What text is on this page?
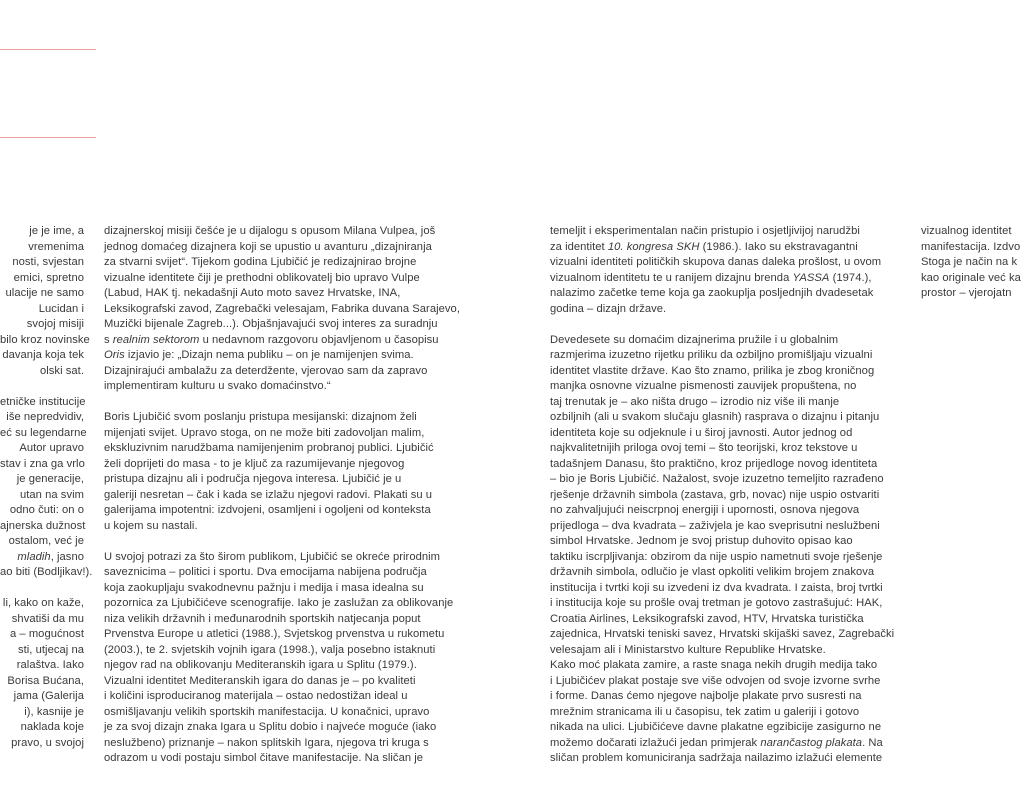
je je ime, a
vremenima
nosti, svjestan
emici, spretno
ulacije ne samo
Lucidan i
svojoj misiji
bilo kroz novinske
davanja koja tek
olski sat.

etničke institucije
iše nepredvidiv,
eć su legendarne
Autor upravo
stav i zna ga vrlo
je generacije,
utan na svim
odno čuti: on o
ajnerska dužnost
ostalom, već je
mladih, jasno
ao biti (Bodljikav!).

li, kako on kaže,
shvatiši da mu
a – mogućnost
sti, utjecaj na
ralaštva. Iako
Borisa Bućana,
jama (Galerija
i), kasnije je
naklada koje
pravo, u svojoj

dizajnerskoj misiji češće je u dijalogu s opusom Milana Vulpea, još
jednog domaćeg dizajnera koji se upustio u avanturu „dizajniranja
za stvarni svijet“. Tijekom godina Ljubičić je redizajnirao brojne
vizualne identitete čiji je prethodni oblikovatelj bio upravo Vulpe
(Labud, HAK tj. nekadašnji Auto moto savez Hrvatske, INA,
Leksikografski zavod, Zagrebački velesajam, Fabrika duvana Sarajevo,
Muzički bijenale Zagreb...). Objašnjavajući svoj interes za suradnju
s realnim sektorom u nedavnom razgovoru objavljenom u časopisu
Oris izjavio je: „Dizajn nema publiku – on je namijenjen svima.
Dizajnirajući ambalažu za deterdžente, vjerovao sam da zapravo
implementiram kulturu u svako domaćinstvo.“

Boris Ljubičić svom poslanju pristupa mesijanski: dizajnom želi
mijenjati svijet. Upravo stoga, on ne može biti zadovoljan malim,
ekskluzivnim narudžbama namijenjenim probranoj publici. Ljubičić
želi doprijeti do masa - to je ključ za razumijevanje njegovog
pristupa dizajnu ali i područja njegova interesa. Ljubičić je u
galeriji nesretan – čak i kada se izlažu njegovi radovi. Plakati su u
galerijama impotentni: izdvojeni, osamljeni i ogoljeni od konteksta
u kojem su nastali.

U svojoj potrazi za što širom publikom, Ljubičić se okreće prirodnim
saveznicima – politici i sportu. Dva emocijama nabijena područja
koja zaokupljaju svakodnevnu pažnju i medija i masa idealna su
pozornica za Ljubičićeve scenografije. Iako je zaslužan za oblikovanje
niza velikih državnih i međunarodnih sportskih natjecanja poput
Prvenstva Europe u atletici (1988.), Svjetskog prvenstva u rukometu
(2003.), te 2. svjetskih vojnih igara (1998.), valja posebno istaknuti
njegov rad na oblikovanju Mediteranskih igara u Splitu (1979.).
Vizualni identitet Mediteranskih igara do danas je – po kvaliteti
i količini isproduciranog materijala – ostao nedostižan ideal u
osmišljavanju velikih sportskih manifestacija. U konačnici, upravo
je za svoj dizajn znaka Igara u Splitu dobio i najveće moguće (iako
neslužbeno) priznanje – nakon splitskih Igara, njegova tri kruga s
odrazom u vodi postaju simbol čitave manifestacije. Na sličan je

temeljit i eksperimentalan način pristupio i osjetljivijoj narudžbi
za identitet 10. kongresa SKH (1986.). Iako su ekstravagantni
vizualni identiteti političkih skupova danas daleka prošlost, u ovom
vizualnom identitetu te u ranijem dizajnu brenda YASSA (1974.),
nalazimo začetke teme koja ga zaokuplja posljednjih dvadesetak
godina – dizajn države.

Devedesete su domaćim dizajnerima pružile i u globalnim
razmjerima izuzetno rijetku priliku da ozbiljno promišljaju vizualni
identitet vlastite države. Kao što znamo, prilika je zbog kroničnog
manjka osnovne vizualne pismenosti zauvijek propuštena, no
taj trenutak je – ako ništa drugo – izrodio niz više ili manje
ozbiljnih (ali u svakom slučaju glasnih) rasprava o dizajnu i pitanju
identiteta koje su odjeknule i u široj javnosti. Autor jednog od
najkvalitetnijih priloga ovoj temi – što teorijski, kroz tekstove u
tadašnjem Danasu, što praktično, kroz prijedloge novog identiteta
– bio je Boris Ljubičić. Nažalost, svoje izuzetno temeljito razrađeno
rješenje državnih simbola (zastava, grb, novac) nije uspio ostvariti
no zahvaljujući neiscrpnoj energiji i upornosti, osnova njegova
prijedloga – dva kvadrata – zaživjela je kao sveprisutni neslužbeni
simbol Hrvatske. Jednom je svoj pristup duhovito opisao kao
taktiku iscrpljivanja: obzirom da nije uspio nametnuti svoje rješenje
državnih simbola, odlučio je vlast opkoliti velikim brojem znakova
institucija i tvrtki koji su izvedeni iz dva kvadrata. I zaista, broj tvrtki
i institucija koje su prošle ovaj tretman je gotovo zastrašujuć: HAK,
Croatia Airlines, Leksikografski zavod, HTV, Hrvatska turistička
zajednica, Hrvatski teniski savez, Hrvatski skijaški savez, Zagrebački
velesajam ali i Ministarstvo kulture Republike Hrvatske.
Kako moć plakata zamire, a raste snaga nekih drugih medija tako
i Ljubičićev plakat postaje sve više odvojen od svoje izvorne svrhe
i forme. Danas ćemo njegove najbolje plakate prvo susresti na
mrežnim stranicama ili u časopisu, tek zatim u galeriji i gotovo
nikada na ulici. Ljubičićeve davne plakatne egzibicije zasigurno ne
možemo dočarati izlažući jedan primjerak narančastog plakata. Na
sličan problem komuniciranja sadržaja nailazimo izlažući elemente

vizualnog identitet
manifestacija. Izdvo
Stoga je način na k
kao originale već ka
prostor – vjerojatn
